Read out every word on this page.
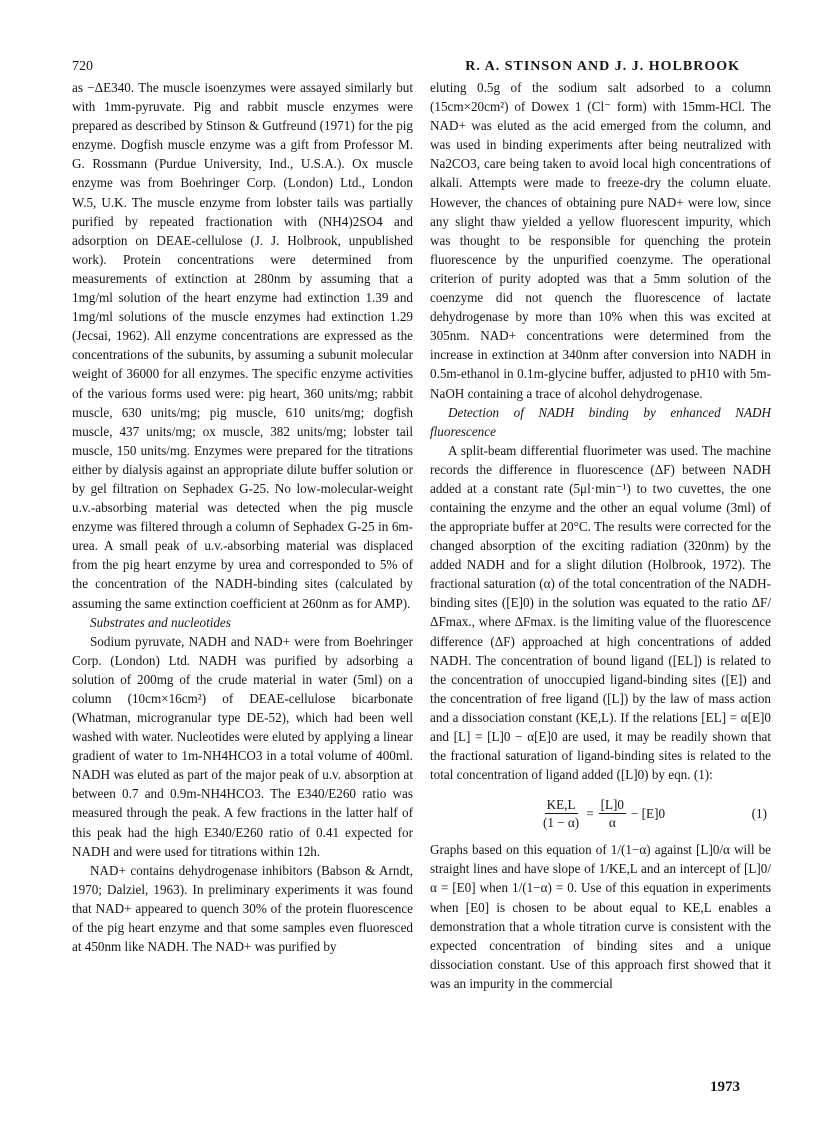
720	R. A. STINSON AND J. J. HOLBROOK

as −ΔE340. The muscle isoenzymes were assayed similarly but with 1mm-pyruvate. Pig and rabbit muscle enzymes were prepared as described by Stinson & Gutfreund (1971) for the pig enzyme. Dogfish muscle enzyme was a gift from Professor M. G. Rossmann (Purdue University, Ind., U.S.A.). Ox muscle enzyme was from Boehringer Corp. (London) Ltd., London W.5, U.K. The muscle enzyme from lobster tails was partially purified by repeated fractionation with (NH4)2SO4 and adsorption on DEAE-cellulose (J. J. Holbrook, unpublished work). Protein concentrations were determined from measurements of extinction at 280nm by assuming that a 1mg/ml solution of the heart enzyme had extinction 1.39 and 1mg/ml solutions of the muscle enzymes had extinction 1.29 (Jecsai, 1962). All enzyme concentrations are expressed as the concentrations of the subunits, by assuming a subunit molecular weight of 36000 for all enzymes. The specific enzyme activities of the various forms used were: pig heart, 360 units/mg; rabbit muscle, 630 units/mg; pig muscle, 610 units/mg; dogfish muscle, 437 units/mg; ox muscle, 382 units/mg; lobster tail muscle, 150 units/mg. Enzymes were prepared for the titrations either by dialysis against an appropriate dilute buffer solution or by gel filtration on Sephadex G-25. No low-molecular-weight u.v.-absorbing material was detected when the pig muscle enzyme was filtered through a column of Sephadex G-25 in 6m-urea. A small peak of u.v.-absorbing material was displaced from the pig heart enzyme by urea and corresponded to 5% of the concentration of the NADH-binding sites (calculated by assuming the same extinction coefficient at 260nm as for AMP).

Substrates and nucleotides

Sodium pyruvate, NADH and NAD+ were from Boehringer Corp. (London) Ltd. NADH was purified by adsorbing a solution of 200mg of the crude material in water (5ml) on a column (10cm×16cm²) of DEAE-cellulose bicarbonate (Whatman, microgranular type DE-52), which had been well washed with water. Nucleotides were eluted by applying a linear gradient of water to 1m-NH4HCO3 in a total volume of 400ml. NADH was eluted as part of the major peak of u.v. absorption at between 0.7 and 0.9m-NH4HCO3. The E340/E260 ratio was measured through the peak. A few fractions in the latter half of this peak had the high E340/E260 ratio of 0.41 expected for NADH and were used for titrations within 12h.

NAD+ contains dehydrogenase inhibitors (Babson & Arndt, 1970; Dalziel, 1963). In preliminary experiments it was found that NAD+ appeared to quench 30% of the protein fluorescence of the pig heart enzyme and that some samples even fluoresced at 450nm like NADH. The NAD+ was purified by

eluting 0.5g of the sodium salt adsorbed to a column (15cm×20cm²) of Dowex 1 (Cl⁻ form) with 15mm-HCl. The NAD+ was eluted as the acid emerged from the column, and was used in binding experiments after being neutralized with Na2CO3, care being taken to avoid local high concentrations of alkali. Attempts were made to freeze-dry the column eluate. However, the chances of obtaining pure NAD+ were low, since any slight thaw yielded a yellow fluorescent impurity, which was thought to be responsible for quenching the protein fluorescence by the unpurified coenzyme. The operational criterion of purity adopted was that a 5mm solution of the coenzyme did not quench the fluorescence of lactate dehydrogenase by more than 10% when this was excited at 305nm. NAD+ concentrations were determined from the increase in extinction at 340nm after conversion into NADH in 0.5m-ethanol in 0.1m-glycine buffer, adjusted to pH10 with 5m-NaOH containing a trace of alcohol dehydrogenase.

Detection of NADH binding by enhanced NADH fluorescence

A split-beam differential fluorimeter was used. The machine records the difference in fluorescence (ΔF) between NADH added at a constant rate (5μl·min⁻¹) to two cuvettes, the one containing the enzyme and the other an equal volume (3ml) of the appropriate buffer at 20°C. The results were corrected for the changed absorption of the exciting radiation (320nm) by the added NADH and for a slight dilution (Holbrook, 1972). The fractional saturation (α) of the total concentration of the NADH-binding sites ([E]0) in the solution was equated to the ratio ΔF/ΔFmax., where ΔFmax. is the limiting value of the fluorescence difference (ΔF) approached at high concentrations of added NADH. The concentration of bound ligand ([EL]) is related to the concentration of unoccupied ligand-binding sites ([E]) and the concentration of free ligand ([L]) by the law of mass action and a dissociation constant (KE,L). If the relations [EL] = α[E]0 and [L] = [L]0 − α[E]0 are used, it may be readily shown that the fractional saturation of ligand-binding sites is related to the total concentration of ligand added ([L]0) by eqn. (1):

$\frac{KE,L}{(1 - \alpha)} = \frac{[L]0}{\alpha} - [E]0$	(1)

Graphs based on this equation of 1/(1−α) against [L]0/α will be straight lines and have slope of 1/KE,L and an intercept of [L]0/α = [E0] when 1/(1−α) = 0. Use of this equation in experiments when [E0] is chosen to be about equal to KE,L enables a demonstration that a whole titration curve is consistent with the expected concentration of binding sites and a unique dissociation constant. Use of this approach first showed that it was an impurity in the commercial

1973
